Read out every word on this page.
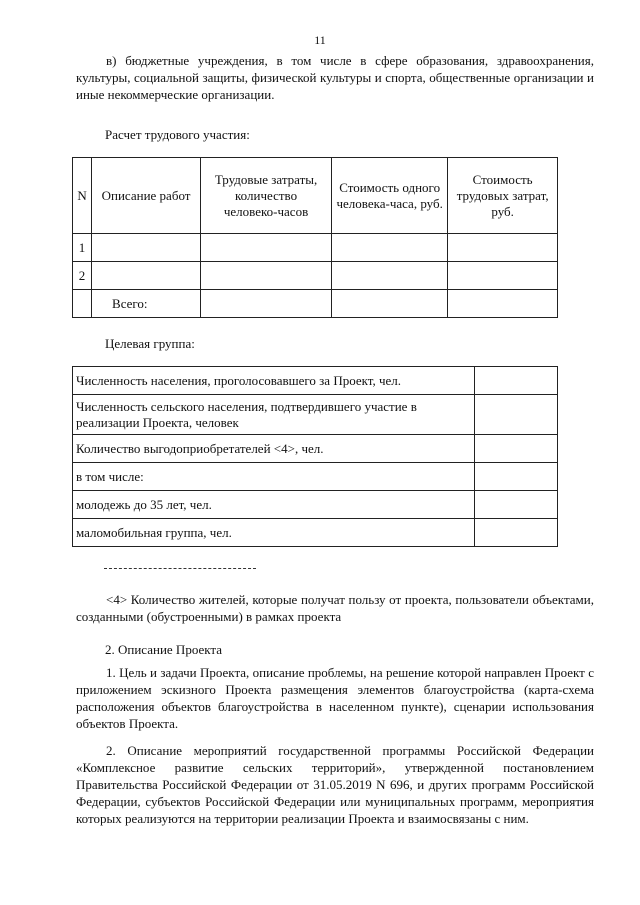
11

в) бюджетные учреждения, в том числе в сфере образования, здравоохранения, культуры, социальной защиты, физической культуры и спорта, общественные организации и иные некоммерческие организации.

Расчет трудового участия:
N	Описание работ	Трудовые затраты, количество человеко-часов	Стоимость одного человека-часа, руб.	Стоимость трудовых затрат, руб.
1				
2				
	Всего:			
Целевая группа:
Численность населения, проголосовавшего за Проект, чел.	
Численность сельского населения, подтвердившего участие в реализации Проекта, человек	
Количество выгодоприобретателей <4>, чел.	
в том числе:	
молодежь до 35 лет, чел.	
маломобильная группа, чел.	

<4> Количество жителей, которые получат пользу от проекта, пользователи объектами, созданными (обустроенными) в рамках проекта

2. Описание Проекта

1. Цель и задачи Проекта, описание проблемы, на решение которой направлен Проект с приложением эскизного Проекта размещения элементов благоустройства (карта-схема расположения объектов благоустройства в населенном пункте), сценарии использования объектов Проекта.

2. Описание мероприятий государственной программы Российской Федерации «Комплексное развитие сельских территорий», утвержденной постановлением Правительства Российской Федерации от 31.05.2019 N 696, и других программ Российской Федерации, субъектов Российской Федерации или муниципальных программ, мероприятия которых реализуются на территории реализации Проекта и взаимосвязаны с ним.
